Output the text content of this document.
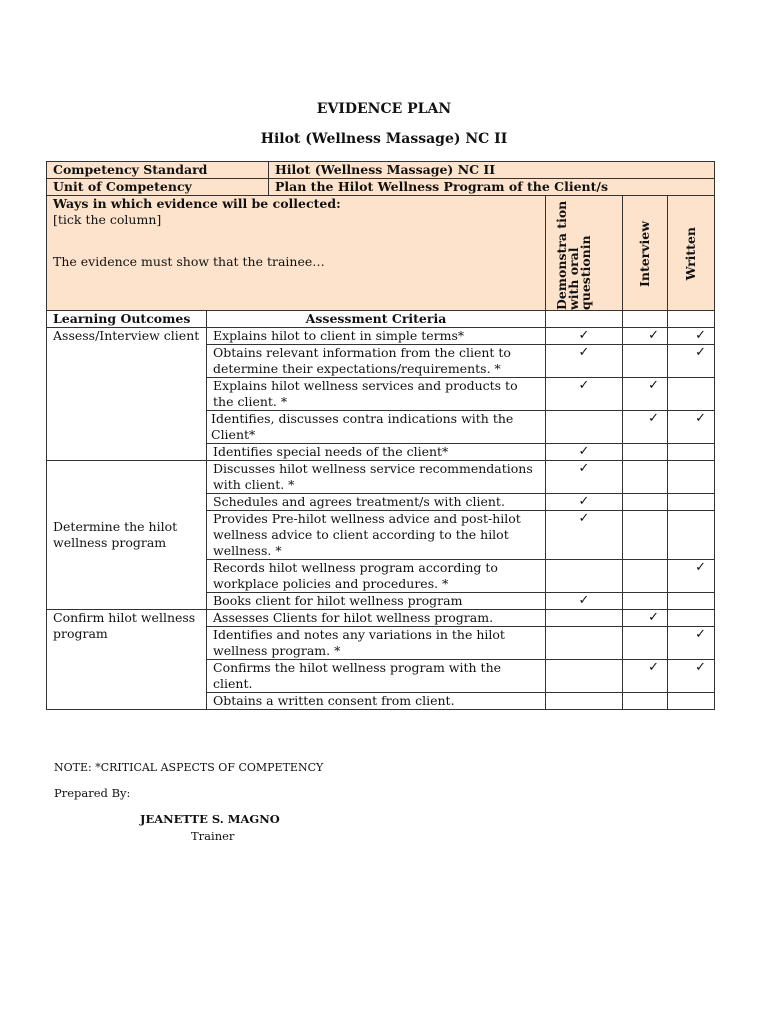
EVIDENCE PLAN
Hilot (Wellness Massage) NC II
Competency Standard		Hilot (Wellness Massage) NC II			
Unit of Competency		Plan the Hilot Wellness Program of the Client/s			

Ways in which evidence will be collected:
[tick the column]
The evidence must show that the trainee…			Demonstra tion with oral questionin	Interview	Written

Learning Outcomes	Assessment Criteria				
Assess/Interview client	Explains hilot to client in simple terms*		✓	✓	✓
	Obtains relevant information from the client to determine their expectations/requirements. *		✓		✓
	Explains hilot wellness services and products to the client. *		✓	✓	
	Identifies, discusses contra indications with the Client*			✓	✓
	Identifies special needs of the client*		✓		
Determine the hilot wellness program	Discusses hilot wellness service recommendations with client. *		✓		
	Schedules and agrees treatment/s with client.		✓		
	Provides Pre-hilot wellness advice and post-hilot wellness advice to client according to the hilot wellness. *		✓		
	Records hilot wellness program according to workplace policies and procedures. *				✓
	Books client for hilot wellness program		✓		
Confirm hilot wellness program	Assesses Clients for hilot wellness program.			✓	
	Identifies and notes any variations in the hilot wellness program. *				✓
	Confirms the hilot wellness program with the client.			✓	✓
	Obtains a written consent from client.				
NOTE: *CRITICAL ASPECTS OF COMPETENCY
Prepared By:
JEANETTE S. MAGNO
Trainer
